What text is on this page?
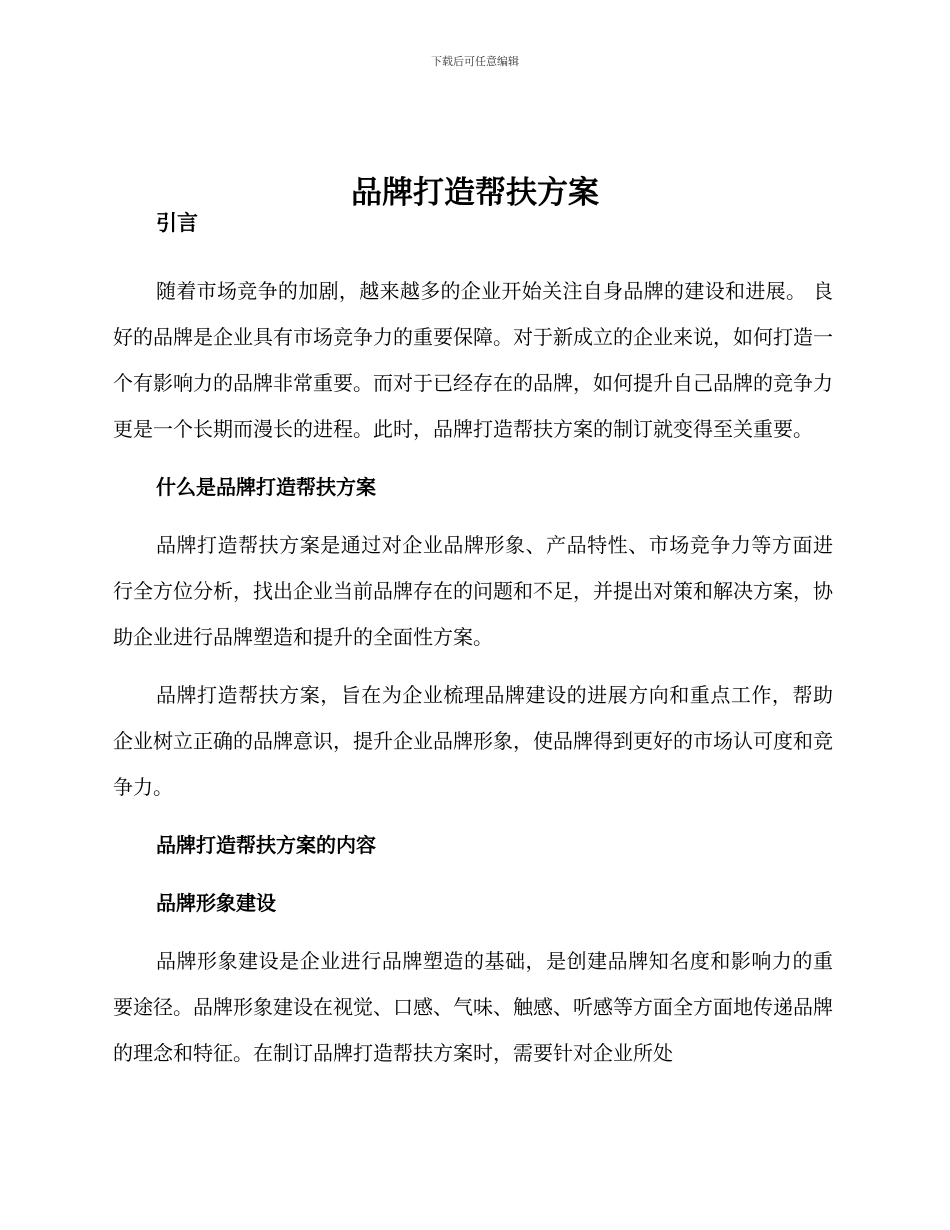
下载后可任意编辑
品牌打造帮扶方案
引言

随着市场竞争的加剧，越来越多的企业开始关注自身品牌的建设和进展。 良好的品牌是企业具有市场竞争力的重要保障。对于新成立的企业来说，如何打造一个有影响力的品牌非常重要。而对于已经存在的品牌，如何提升自己品牌的竞争力更是一个长期而漫长的进程。此时，品牌打造帮扶方案的制订就变得至关重要。

什么是品牌打造帮扶方案

品牌打造帮扶方案是通过对企业品牌形象、产品特性、市场竞争力等方面进行全方位分析，找出企业当前品牌存在的问题和不足，并提出对策和解决方案，协助企业进行品牌塑造和提升的全面性方案。

品牌打造帮扶方案，旨在为企业梳理品牌建设的进展方向和重点工作，帮助企业树立正确的品牌意识，提升企业品牌形象，使品牌得到更好的市场认可度和竞争力。

品牌打造帮扶方案的内容
品牌形象建设

品牌形象建设是企业进行品牌塑造的基础，是创建品牌知名度和影响力的重要途径。品牌形象建设在视觉、口感、气味、触感、听感等方面全方面地传递品牌的理念和特征。在制订品牌打造帮扶方案时，需要针对企业所处
